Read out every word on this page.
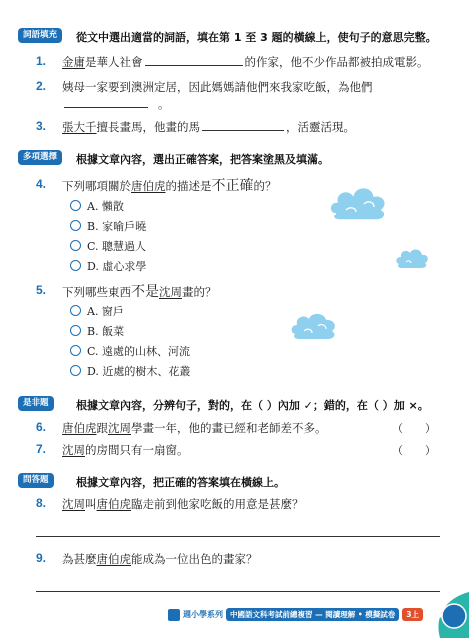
詞語填充	從文中選出適當的詞語，填在第 1 至 3 題的橫線上，使句子的意思完整。
1. 金庸是華人社會	的作家，他不少作品都被拍成電影。
2. 姨母一家要到澳洲定居，因此媽媽請他們來我家吃飯，為他們
。
3. 張大千擅長畫馬，他畫的馬	，活靈活現。
多項選擇	根據文章內容，選出正確答案，把答案塗黑及填滿。
4. 下列哪項關於唐伯虎的描述是不正確的？
A. 懶散
B. 家喻戶曉
C. 聰慧過人
D. 虛心求學
5. 下列哪些東西不是沈周畫的？
A. 窗戶
B. 飯菜
C. 遠處的山林、河流
D. 近處的樹木、花叢
是非題	根據文章內容，分辨句子，對的，在（ ）內加 ✓；錯的，在（ ）加 ×。
6. 唐伯虎跟沈周學畫一年，他的畫已經和老師差不多。	（　　）
7. 沈周的房間只有一扇窗。	（　　）
問答題	根據文章內容，把正確的答案填在橫線上。
8. 沈周叫唐伯虎臨走前到他家吃飯的用意是甚麼？
9. 為甚麼唐伯虎能成為一位出色的畫家？
週小學系列 中國語文科考試前總複習 — 閱讀理解 • 模擬試卷	3上 15
